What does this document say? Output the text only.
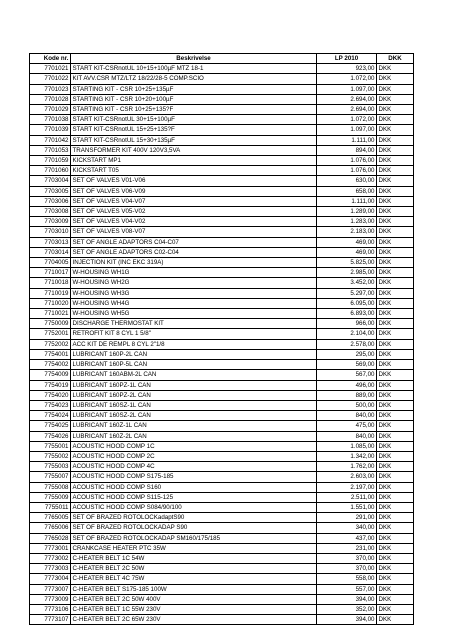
Kode nr.	Beskrivelse	LP 2010	DKK
7701021	START KIT-CSRnotUL 10+15+100µF MTZ 18-1	923,00	DKK
7701022	KIT AVV.CSR MTZ/LTZ 18/22/28-5 COMP.SCIO	1.072,00	DKK
7701023	STARTING KIT - CSR 10+25+135µF	1.097,00	DKK
7701028	STARTING KIT - CSR 10+20+100µF	2.694,00	DKK
7701029	STARTING KIT - CSR 10+25+135?F	2.694,00	DKK
7701038	START KIT-CSRnotUL 30+15+100µF	1.072,00	DKK
7701039	START KIT-CSRnotUL 15+25+135?F	1.097,00	DKK
7701042	START KIT-CSRnotUL 15+30+135µF	1.111,00	DKK
7701053	TRANSFORMER KIT 400V 120V3,5VA	894,00	DKK
7701059	KICKSTART MP1	1.076,00	DKK
7701060	KICKSTART T05	1.076,00	DKK
7703004	SET OF VALVES V01-V06	630,00	DKK
7703005	SET OF VALVES V06-V09	658,00	DKK
7703006	SET OF VALVES V04-V07	1.111,00	DKK
7703008	SET OF VALVES V05-V02	1.289,00	DKK
7703009	SET OF VALVES V04-V02	1.283,00	DKK
7703010	SET OF VALVES V08-V07	2.183,00	DKK
7703013	SET OF ANGLE ADAPTORS C04-C07	469,00	DKK
7703014	SET OF ANGLE ADAPTORS C02-C04	469,00	DKK
7704005	INJECTION KIT (INC EKC 319A)	5.825,00	DKK
7710017	W-HOUSING WH1G	2.985,00	DKK
7710018	W-HOUSING WH2G	3.452,00	DKK
7710019	W-HOUSING WH3G	5.297,00	DKK
7710020	W-HOUSING WH4G	6.095,00	DKK
7710021	W-HOUSING WH5G	6.893,00	DKK
7750009	DISCHARGE THERMOSTAT KIT	966,00	DKK
7752001	RETROFIT KIT 8 CYL 1 5/8"	2.104,00	DKK
7752002	ACC KIT DE REMPL 8 CYL 2"1/8	2.578,00	DKK
7754001	LUBRICANT 160P-2L CAN	295,00	DKK
7754002	LUBRICANT 160P-5L CAN	569,00	DKK
7754009	LUBRICANT 160ABM-2L CAN	567,00	DKK
7754019	LUBRICANT 160PZ-1L CAN	496,00	DKK
7754020	LUBRICANT 160PZ-2L CAN	889,00	DKK
7754023	LUBRICANT 160SZ-1L CAN	500,00	DKK
7754024	LUBRICANT 160SZ-2L CAN	840,00	DKK
7754025	LUBRICANT 160Z-1L CAN	475,00	DKK
7754026	LUBRICANT 160Z-2L CAN	840,00	DKK
7755001	ACOUSTIC HOOD COMP 1C	1.085,00	DKK
7755002	ACOUSTIC HOOD COMP 2C	1.342,00	DKK
7755003	ACOUSTIC HOOD COMP 4C	1.762,00	DKK
7755007	ACOUSTIC HOOD COMP S175-185	2.603,00	DKK
7755008	ACOUSTIC HOOD COMP S160	2.197,00	DKK
7755009	ACOUSTIC HOOD COMP S115-125	2.511,00	DKK
7755011	ACOUSTIC HOOD COMP S084/90/100	1.551,00	DKK
7765005	SET OF BRAZED ROTOLOCKadaptS90	291,00	DKK
7765006	SET OF BRAZED ROTOLOCKADAP S90	340,00	DKK
7765028	SET OF BRAZED ROTOLOCKADAP SM160/175/185	437,00	DKK
7773001	CRANKCASE HEATER PTC 35W	231,00	DKK
7773002	C-HEATER BELT 1C 54W	370,00	DKK
7773003	C-HEATER BELT 2C 50W	370,00	DKK
7773004	C-HEATER BELT 4C 75W	558,00	DKK
7773007	C-HEATER BELT S175-185 100W	557,00	DKK
7773009	C-HEATER BELT 2C 50W 400V	394,00	DKK
7773106	C-HEATER BELT 1C 55W 230V	352,00	DKK
7773107	C-HEATER BELT 2C 65W 230V	394,00	DKK
